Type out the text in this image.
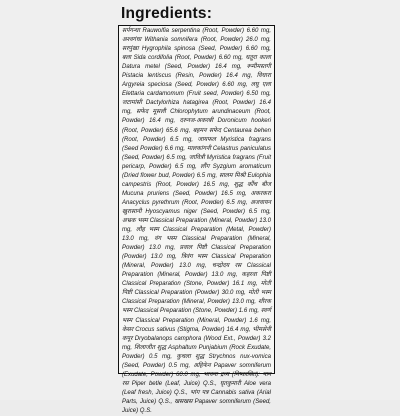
Ingredients:

सर्पगन्धा Rauwolfia serpentina (Root, Powder) 6.60 mg, अश्वगंधा Withania somnifera (Root, Powder) 26.0 mg, सरपुंखा Hygrophila spinosa (Seed, Powder) 6.60 mg, बला Sida cordifolia (Root, Powder) 6.60 mg, धतूरा काला Datura metel (Seed, Powder) 16.4 mg, रूमीमस्तगी Pistacia lentiscus (Resin, Powder) 16.4 mg, विधारा Argyreia speciosa (Seed, Powder) 6.60 mg, लघु एला Elettaria cardamomum (Fruit seed, Powder) 6.50 mg, जटामांसी Dactylorhiza hatagirea (Root, Powder) 16.4 mg, सफेद मूसली Chlorophytum arundinaceum (Root, Powder) 16.4 mg, दरुनज-अकरबी Doronicum hookeri (Root, Powder) 65.6 mg, बहमन सफेद Centaurea behen (Root, Powder) 6.5 mg, जायफल Myristica fragrans (Seed Powder) 6.6 mg, मालकांगनी Celastrus paniculatus (Seed, Powder) 6.5 mg, जावित्री Myristica fragrans (Fruit pericarp, Powder) 6.5 mg, लौंग Syzgium aromaticum (Dried flower bud, Powder) 6.5 mg, सालम मिश्री Eulophia campestris (Root, Powder) 16.5 mg, शुद्ध कौंच बीज Mucuna pruriens (Seed, Powder) 16.5 mg, अकरकरा Anacyclus pyrethrum (Root, Powder) 6.5 mg, अजवायन खुरासानी Hyoscyamus niger (Seed, Powder) 6.5 mg, अभ्रक भस्म Classical Preparation (Mineral, Powder) 13.0 mg, लौह भस्म Classical Preparation (Metal, Powder) 13.0 mg, वंग भस्म Classical Preparation (Mineral, Powder) 13.0 mg, प्रवाल पिष्टी Classical Preparation (Powder) 13.0 mg, त्रिवंग भस्म Classical Preparation (Mineral, Powder) 13.0 mg, चन्द्रोदय रस Classical Preparation (Mineral, Powder) 13.0 mg, कहरवा पिष्टी Classical Preparation (Stone, Powder) 16.1 mg, मोती पिष्टी Classical Preparation (Powder) 30.0 mg, मोती भस्म Classical Preparation (Mineral, Powder) 13.0 mg, शीरक भस्म Classical Preparation (Stone, Powder) 1.6 mg, स्वर्ण भस्म Classical Preparation (Mineral, Powder) 1.6 mg, केसर Crocus sativus (Stigma, Powder) 16.4 mg, भीमसेनी कपूर Dryobalanops camphora (Wood Ext., Powder) 3.2 mg, शिलाजीत शुद्ध Asphaltum Punjabium (Rock Exudate, Powder) 0.5 mg, कुचला शुद्ध Strychnos nux-vomica (Seed, Powder) 0.5 mg, अहिफेन Papaver somniferum (Exudate, Powder) 60.0 mg, भावना द्रव्य (निष्कासित): पान रस Piper betle (Leaf, Juice) Q.S., घृतकुमारी Aloe vera (Leaf fresh, Juice) Q.S., भांग पत्र Cannabis sativa (Arial Parts, Juice) Q.S., खसखस Papaver somniferum (Seed, Juice) Q.S.
